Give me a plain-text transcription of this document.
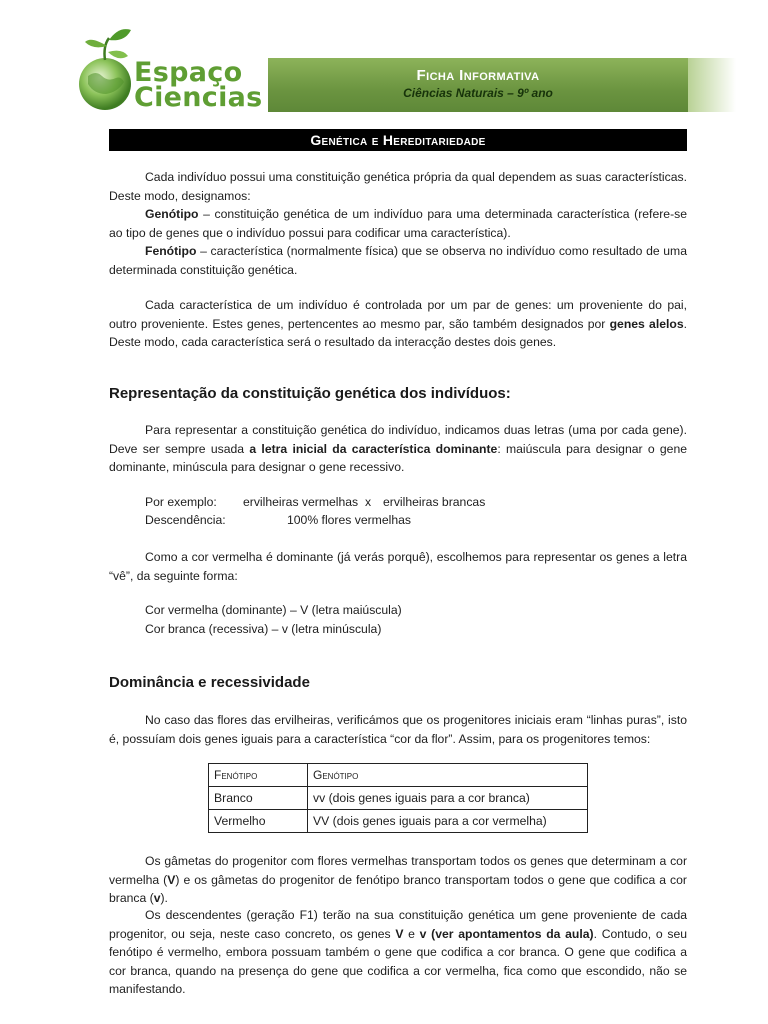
Espaço
Ciencias
Ficha Informativa
Ciências Naturais – 9º ano
Genética e Hereditariedade
Cada indivíduo possui uma constituição genética própria da qual dependem as suas características. Deste modo, designamos:
Genótipo – constituição genética de um indivíduo para uma determinada característica (refere-se ao tipo de genes que o indivíduo possui para codificar uma característica).
Fenótipo – característica (normalmente física) que se observa no indivíduo como resultado de uma determinada constituição genética.
Cada característica de um indivíduo é controlada por um par de genes: um proveniente do pai, outro proveniente. Estes genes, pertencentes ao mesmo par, são também designados por genes alelos. Deste modo, cada característica será o resultado da interacção destes dois genes.
Representação da constituição genética dos indivíduos:
Para representar a constituição genética do indivíduo, indicamos duas letras (uma por cada gene). Deve ser sempre usada a letra inicial da característica dominante: maiúscula para designar o gene dominante, minúscula para designar o gene recessivo.
Por exemplo: ervilheiras vermelhas x ervilheiras brancas
Descendência:	100% flores vermelhas
Como a cor vermelha é dominante (já verás porquê), escolhemos para representar os genes a letra “vê”, da seguinte forma:
Cor vermelha (dominante) – V (letra maiúscula)
Cor branca (recessiva) – v (letra minúscula)
Dominância e recessividade
No caso das flores das ervilheiras, verificámos que os progenitores iniciais eram “linhas puras”, isto é, possuíam dois genes iguais para a característica “cor da flor”. Assim, para os progenitores temos:
Fenótipo	Genótipo
Branco	vv (dois genes iguais para a cor branca)
Vermelho	VV (dois genes iguais para a cor vermelha)
Os gâmetas do progenitor com flores vermelhas transportam todos os genes que determinam a cor vermelha (V) e os gâmetas do progenitor de fenótipo branco transportam todos o gene que codifica a cor branca (v).
Os descendentes (geração F1) terão na sua constituição genética um gene proveniente de cada progenitor, ou seja, neste caso concreto, os genes V e v (ver apontamentos da aula). Contudo, o seu fenótipo é vermelho, embora possuam também o gene que codifica a cor branca. O gene que codifica a cor branca, quando na presença do gene que codifica a cor vermelha, fica como que escondido, não se manifestando.
